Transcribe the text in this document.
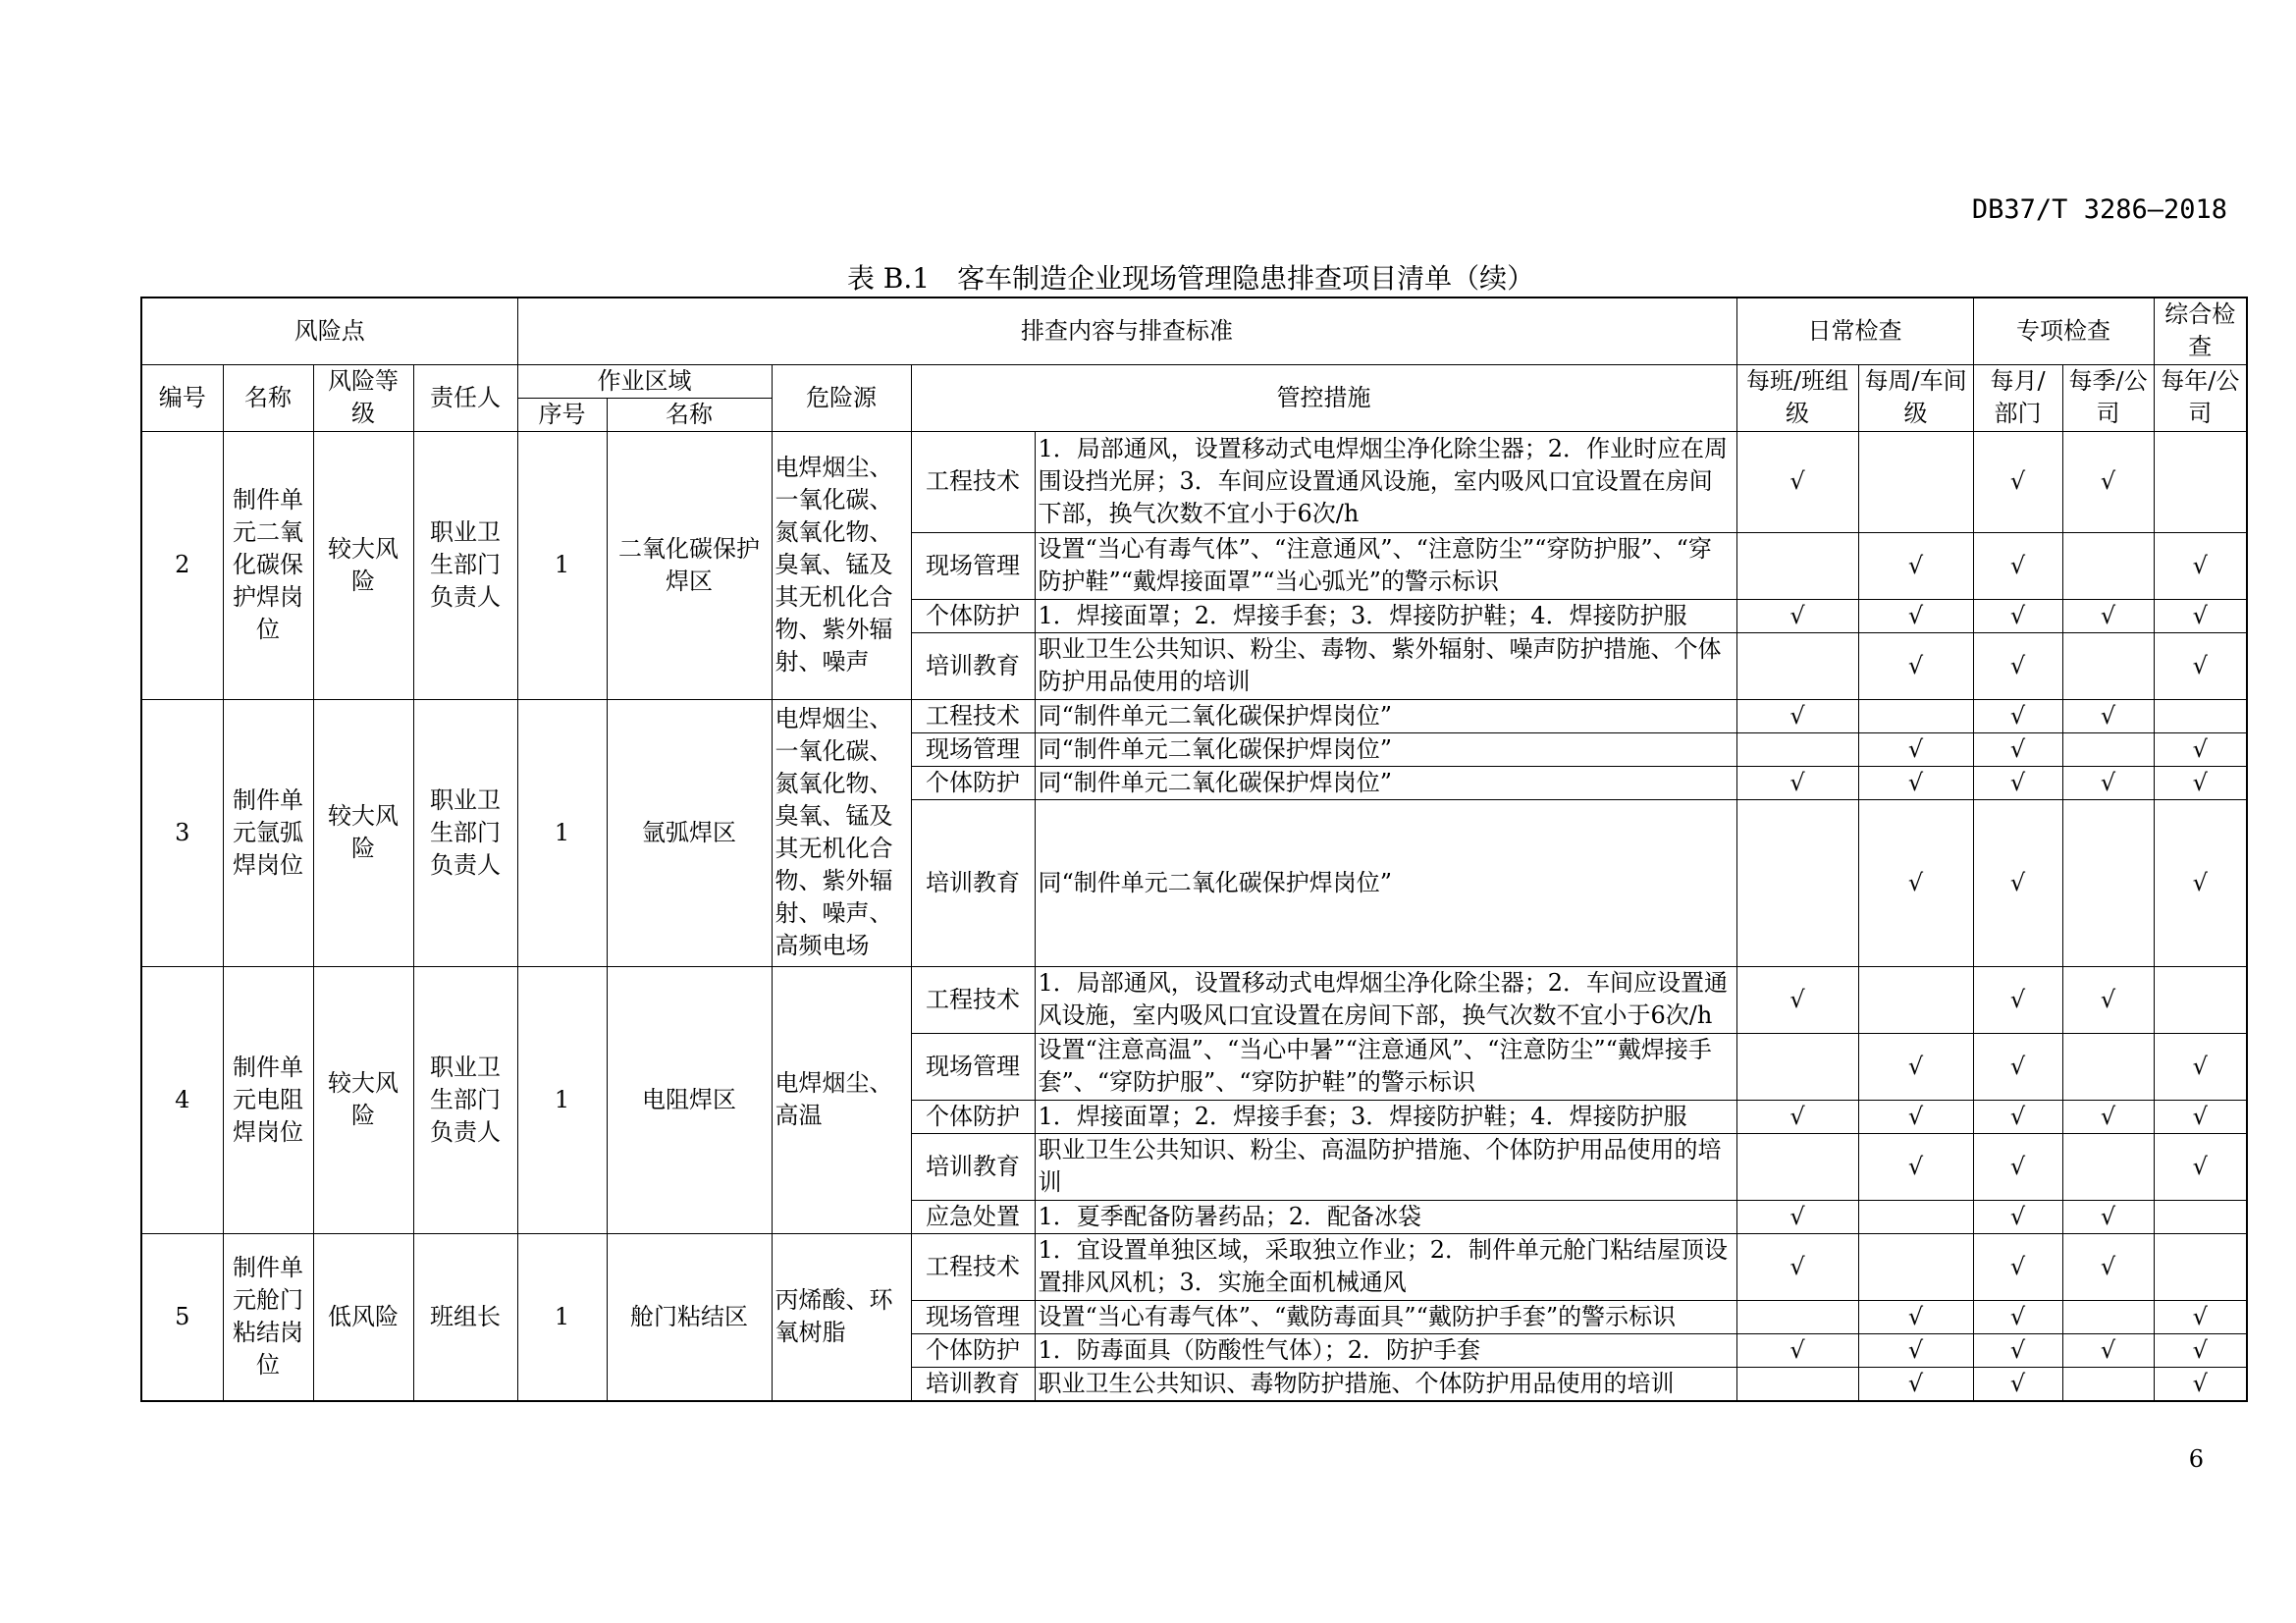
DB37/T 3286—2018
表 B.1　客车制造企业现场管理隐患排查项目清单（续）
风险点				排查内容与排查标准					日常检查		专项检查		综合检查
编号	名称	风险等级	责任人	作业区域		危险源	管控措施		每班/班组级	每周/车间级	每月/部门	每季/公司	每年/公司
				序号	名称								
2	制件单元二氧化碳保护焊岗位	较大风险	职业卫生部门负责人	1	二氧化碳保护焊区	电焊烟尘、一氧化碳、氮氧化物、臭氧、锰及其无机化合物、紫外辐射、噪声	工程技术	1．局部通风，设置移动式电焊烟尘净化除尘器；2．作业时应在周围设挡光屏；3．车间应设置通风设施，室内吸风口宜设置在房间下部，换气次数不宜小于6次/h	√		√	√	
							现场管理	设置“当心有毒气体”、“注意通风”、“注意防尘”“穿防护服”、“穿防护鞋”“戴焊接面罩”“当心弧光”的警示标识		√	√		√
							个体防护	1．焊接面罩；2．焊接手套；3．焊接防护鞋；4．焊接防护服	√	√	√	√	√
							培训教育	职业卫生公共知识、粉尘、毒物、紫外辐射、噪声防护措施、个体防护用品使用的培训		√	√		√
3	制件单元氩弧焊岗位	较大风险	职业卫生部门负责人	1	氩弧焊区	电焊烟尘、一氧化碳、氮氧化物、臭氧、锰及其无机化合物、紫外辐射、噪声、高频电场	工程技术	同“制件单元二氧化碳保护焊岗位”	√		√	√	
							现场管理	同“制件单元二氧化碳保护焊岗位”		√	√		√
							个体防护	同“制件单元二氧化碳保护焊岗位”	√	√	√	√	√
							培训教育	同“制件单元二氧化碳保护焊岗位”		√	√		√
4	制件单元电阻焊岗位	较大风险	职业卫生部门负责人	1	电阻焊区	电焊烟尘、高温	工程技术	1．局部通风，设置移动式电焊烟尘净化除尘器；2．车间应设置通风设施，室内吸风口宜设置在房间下部，换气次数不宜小于6次/h	√		√	√	
							现场管理	设置“注意高温”、“当心中暑”“注意通风”、“注意防尘”“戴焊接手套”、“穿防护服”、“穿防护鞋”的警示标识		√	√		√
							个体防护	1．焊接面罩；2．焊接手套；3．焊接防护鞋；4．焊接防护服	√	√	√	√	√
							培训教育	职业卫生公共知识、粉尘、高温防护措施、个体防护用品使用的培训		√	√		√
							应急处置	1．夏季配备防暑药品；2．配备冰袋	√		√	√	
5	制件单元舱门粘结岗位	低风险	班组长	1	舱门粘结区	丙烯酸、环氧树脂	工程技术	1．宜设置单独区域，采取独立作业；2．制件单元舱门粘结屋顶设置排风风机；3．实施全面机械通风	√		√	√	
							现场管理	设置“当心有毒气体”、“戴防毒面具”“戴防护手套”的警示标识		√	√		√
							个体防护	1．防毒面具（防酸性气体）；2．防护手套	√	√	√	√	√
							培训教育	职业卫生公共知识、毒物防护措施、个体防护用品使用的培训		√	√		√
6
